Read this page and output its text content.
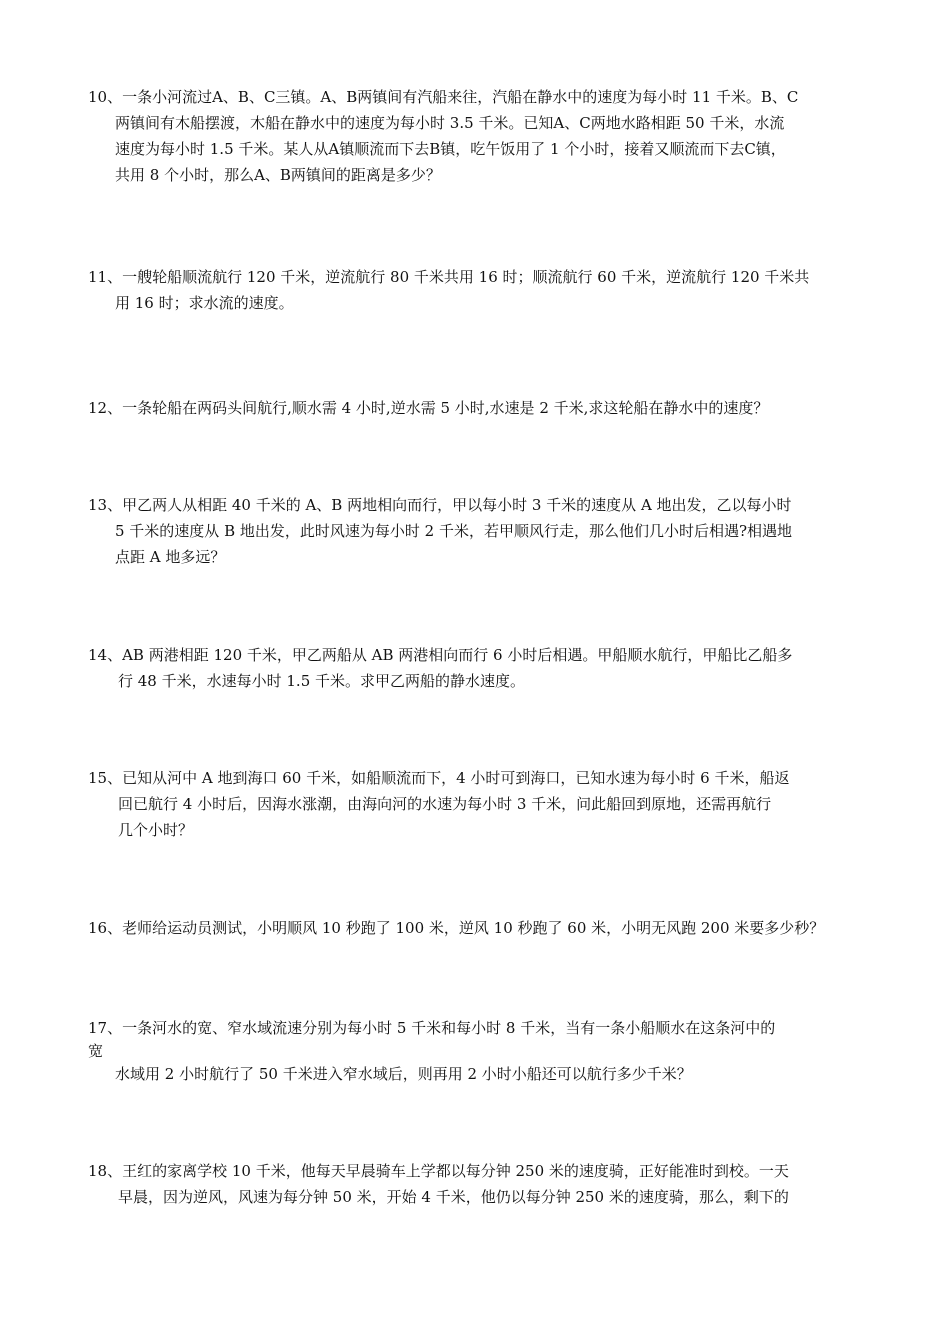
10、一条小河流过A、B、C三镇。A、B两镇间有汽船来往，汽船在静水中的速度为每小时 11 千米。B、C
两镇间有木船摆渡，木船在静水中的速度为每小时 3.5 千米。已知A、C两地水路相距 50 千米，水流
速度为每小时 1.5 千米。某人从A镇顺流而下去B镇，吃午饭用了 1 个小时，接着又顺流而下去C镇，
共用 8 个小时，那么A、B两镇间的距离是多少？
11、一艘轮船顺流航行 120 千米，逆流航行 80 千米共用 16 时；顺流航行 60 千米，逆流航行 120 千米共
用 16 时；求水流的速度。
12、一条轮船在两码头间航行,顺水需 4 小时,逆水需 5 小时,水速是 2 千米,求这轮船在静水中的速度？
13、甲乙两人从相距 40 千米的 A、B 两地相向而行，甲以每小时 3 千米的速度从 A 地出发，乙以每小时
5 千米的速度从 B 地出发，此时风速为每小时 2 千米，若甲顺风行走，那么他们几小时后相遇?相遇地
点距 A 地多远？
14、AB 两港相距 120 千米，甲乙两船从 AB 两港相向而行 6 小时后相遇。甲船顺水航行，甲船比乙船多
行 48 千米，水速每小时 1.5 千米。求甲乙两船的静水速度。
15、已知从河中 A 地到海口 60 千米，如船顺流而下，4 小时可到海口，已知水速为每小时 6 千米，船返
回已航行 4 小时后，因海水涨潮，由海向河的水速为每小时 3 千米，问此船回到原地，还需再航行
几个小时？
16、老师给运动员测试，小明顺风 10 秒跑了 100 米，逆风 10 秒跑了 60 米，小明无风跑 200 米要多少秒？
17、一条河水的宽、窄水域流速分别为每小时 5 千米和每小时 8 千米，当有一条小船顺水在这条河中的
宽
水域用 2 小时航行了 50 千米进入窄水域后，则再用 2 小时小船还可以航行多少千米？
18、王红的家离学校 10 千米，他每天早晨骑车上学都以每分钟 250 米的速度骑，正好能准时到校。一天
早晨，因为逆风，风速为每分钟 50 米，开始 4 千米，他仍以每分钟 250 米的速度骑，那么，剩下的
